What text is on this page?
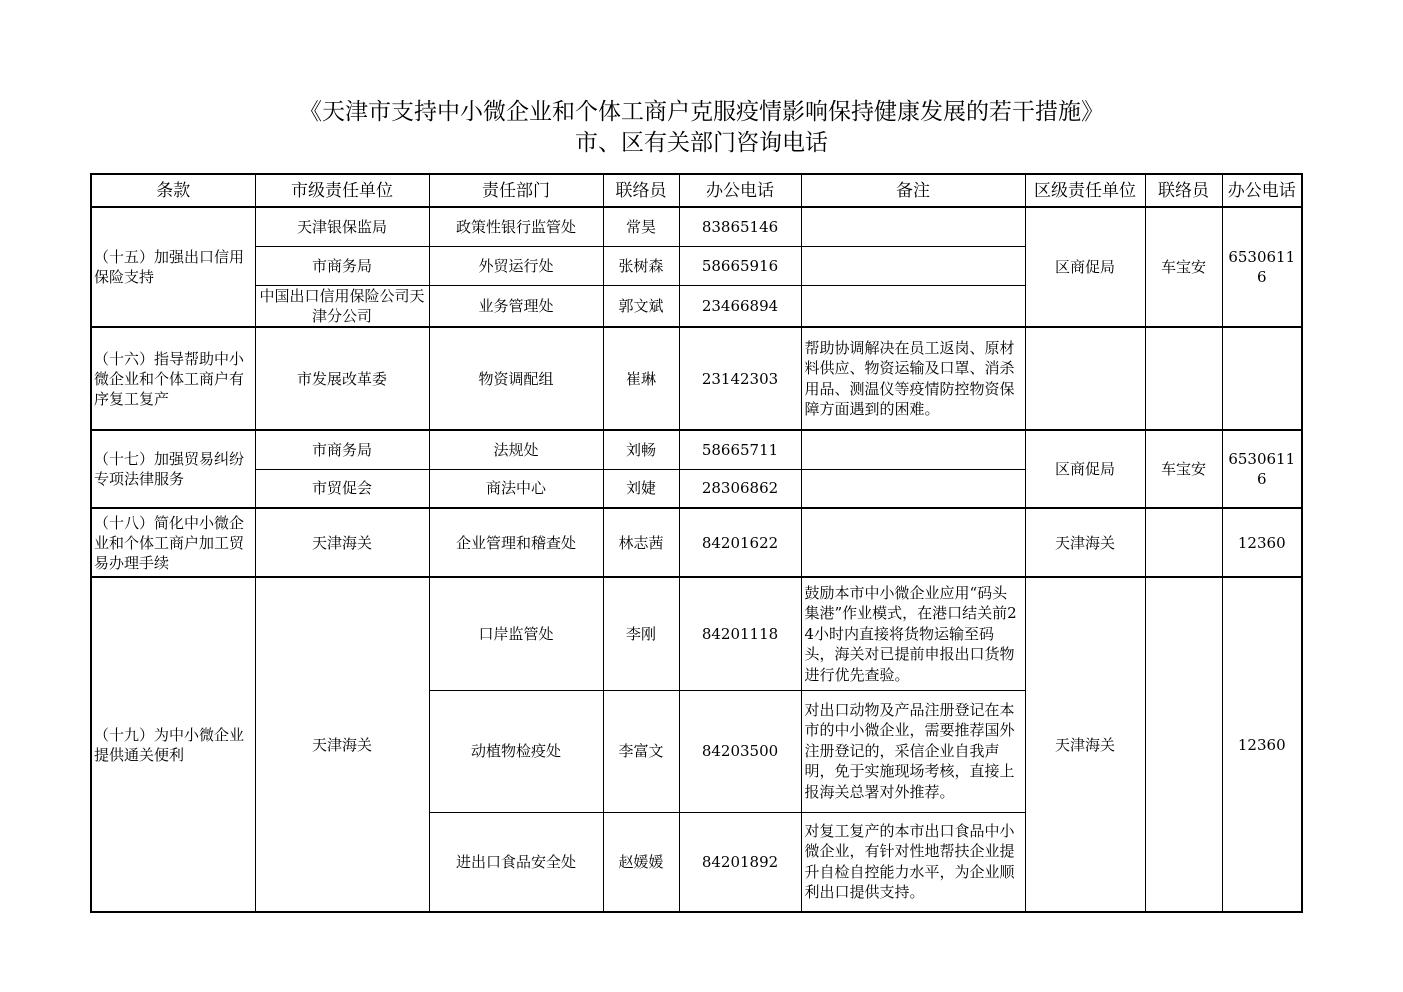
《天津市支持中小微企业和个体工商户克服疫情影响保持健康发展的若干措施》
市、区有关部门咨询电话
条款	市级责任单位	责任部门	联络员	办公电话	备注	区级责任单位	联络员	办公电话
（十五）加强出口信用保险支持	天津银保监局	政策性银行监管处	常昊	83865146		区商促局	车宝安	65306116
	市商务局	外贸运行处	张树森	58665916				
	中国出口信用保险公司天津分公司	业务管理处	郭文斌	23466894				
（十六）指导帮助中小微企业和个体工商户有序复工复产	市发展改革委	物资调配组	崔琳	23142303	帮助协调解决在员工返岗、原材料供应、物资运输及口罩、消杀用品、测温仪等疫情防控物资保障方面遇到的困难。			
（十七）加强贸易纠纷专项法律服务	市商务局	法规处	刘畅	58665711		区商促局	车宝安	65306116
	市贸促会	商法中心	刘婕	28306862				
（十八）简化中小微企业和个体工商户加工贸易办理手续	天津海关	企业管理和稽查处	林志茜	84201622		天津海关		12360
（十九）为中小微企业提供通关便利	天津海关	口岸监管处	李刚	84201118	鼓励本市中小微企业应用“码头集港”作业模式，在港口结关前24小时内直接将货物运输至码头，海关对已提前申报出口货物进行优先查验。	天津海关		12360
		动植物检疫处	李富文	84203500	对出口动物及产品注册登记在本市的中小微企业，需要推荐国外注册登记的，采信企业自我声明，免于实施现场考核，直接上报海关总署对外推荐。			
		进出口食品安全处	赵媛媛	84201892	对复工复产的本市出口食品中小微企业，有针对性地帮扶企业提升自检自控能力水平，为企业顺利出口提供支持。			
